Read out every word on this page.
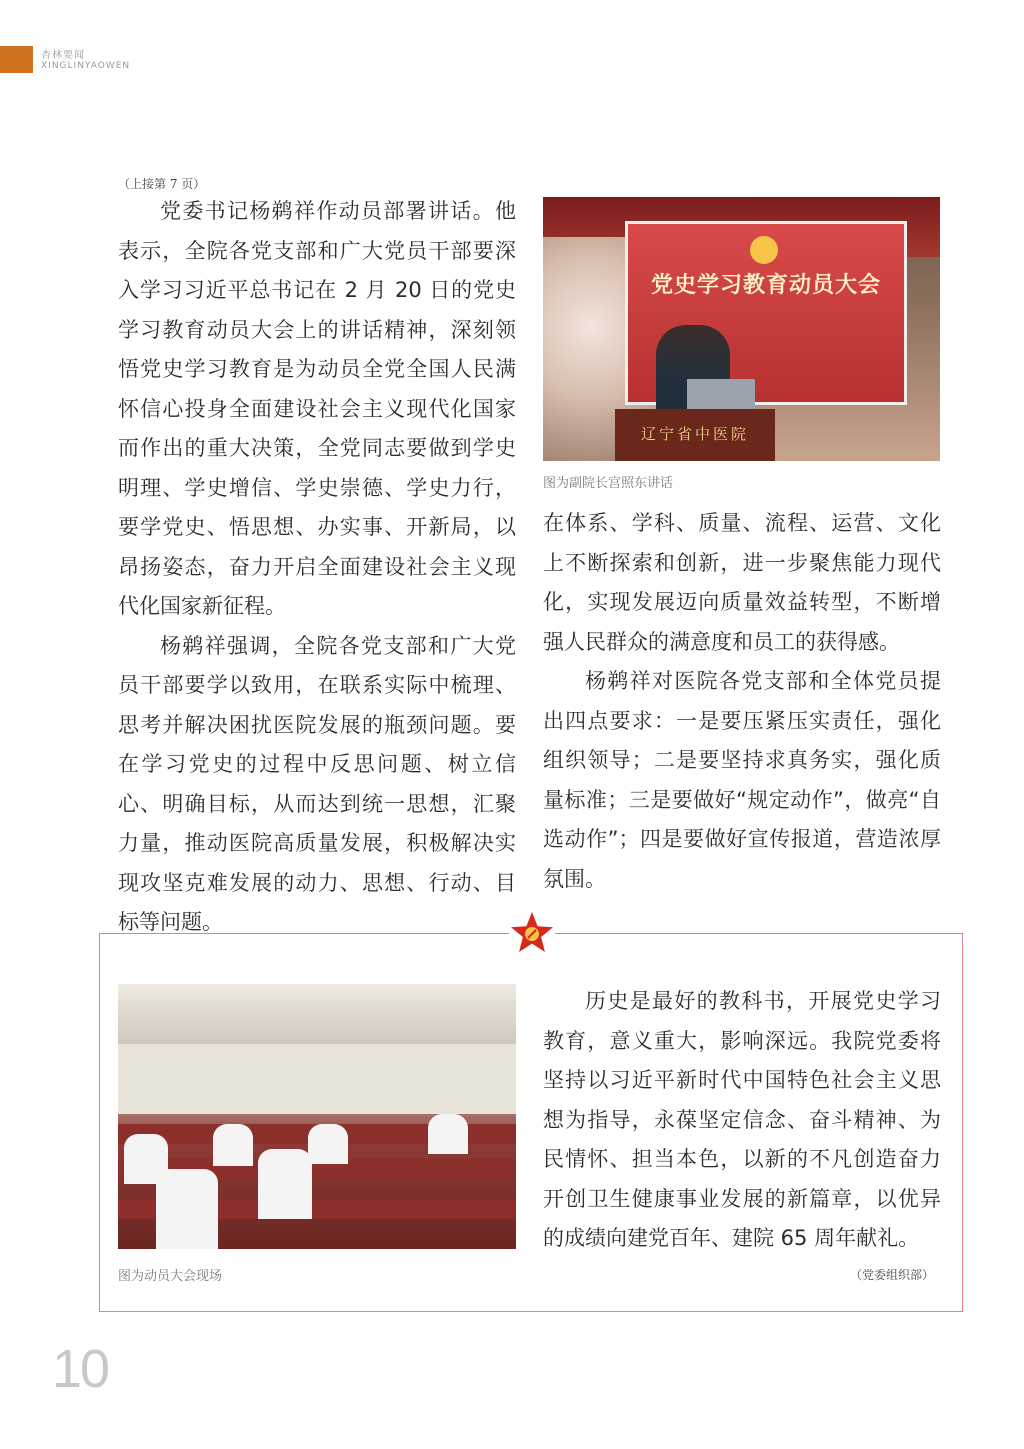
杏林要闻
XINGLINYAOWEN
（上接第 7 页）

党委书记杨鹈祥作动员部署讲话。他表示，全院各党支部和广大党员干部要深入学习习近平总书记在 2 月 20 日的党史学习教育动员大会上的讲话精神，深刻领悟党史学习教育是为动员全党全国人民满怀信心投身全面建设社会主义现代化国家而作出的重大决策，全党同志要做到学史明理、学史增信、学史崇德、学史力行，要学党史、悟思想、办实事、开新局，以昂扬姿态，奋力开启全面建设社会主义现代化国家新征程。

杨鹈祥强调，全院各党支部和广大党员干部要学以致用，在联系实际中梳理、思考并解决困扰医院发展的瓶颈问题。要在学习党史的过程中反思问题、树立信心、明确目标，从而达到统一思想，汇聚力量，推动医院高质量发展，积极解决实现攻坚克难发展的动力、思想、行动、目标等问题。

党史学习教育动员大会
辽宁省中医院
图为副院长宫照东讲话

在体系、学科、质量、流程、运营、文化上不断探索和创新，进一步聚焦能力现代化，实现发展迈向质量效益转型，不断增强人民群众的满意度和员工的获得感。

杨鹈祥对医院各党支部和全体党员提出四点要求：一是要压紧压实责任，强化组织领导；二是要坚持求真务实，强化质量标准；三是要做好“规定动作”，做亮“自选动作”；四是要做好宣传报道，营造浓厚氛围。

图为动员大会现场

历史是最好的教科书，开展党史学习教育，意义重大，影响深远。我院党委将坚持以习近平新时代中国特色社会主义思想为指导，永葆坚定信念、奋斗精神、为民情怀、担当本色，以新的不凡创造奋力开创卫生健康事业发展的新篇章，以优异的成绩向建党百年、建院 65 周年献礼。

（党委组织部）
10
